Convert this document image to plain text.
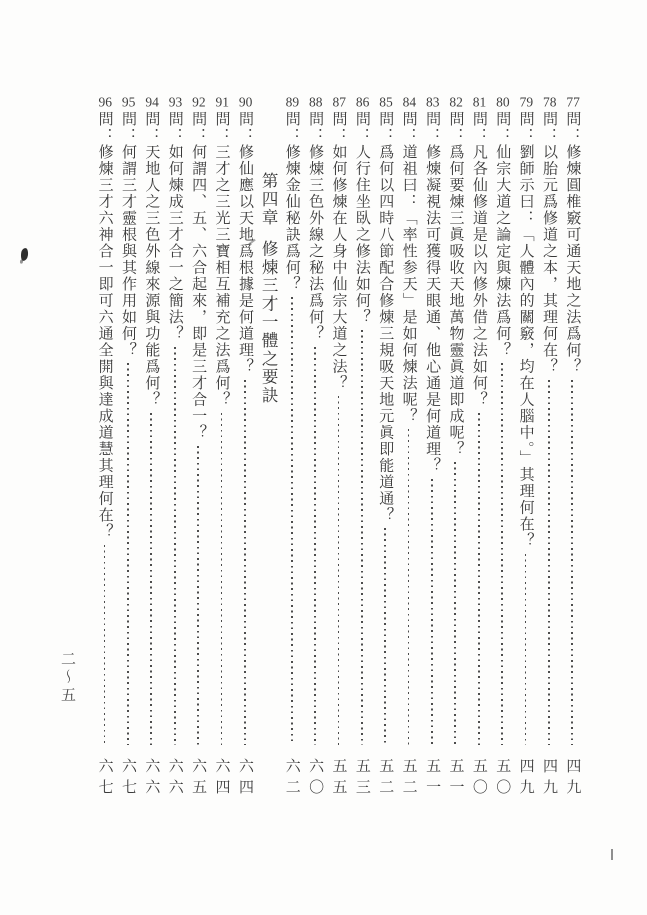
77
問：
修煉圓椎竅可通天地之法爲何？
四九
78
問：
以胎元爲修道之本，其理何在？
四九
79
問：
劉師示曰：「人體內的關竅，均在人腦中。」其理何在？
四九
80
問：
仙宗大道之論定與煉法爲何？
五〇
81
問：
凡各仙修道是以內修外借之法如何？
五〇
82
問：
爲何要煉三眞吸收天地萬物靈眞道即成呢？
五一
83
問：
修煉凝視法可獲得天眼通、他心通是何道理？
五一
84
問：
道祖曰：「率性参天」是如何煉法呢？
五二
85
問：
爲何以四時八節配合修煉三規吸天地元眞即能道通？
五二
86
問：
人行住坐臥之修法如何？
五三
87
問：
如何修煉在人身中仙宗大道之法？
五五
88
問：
修煉三色外線之秘法爲何？
六〇
89
問：
修煉金仙秘訣爲何？
六二
第四章
修煉三才一體之要訣
90
問：
修仙應以天地爲根據是何道理？
六四
91
問：
三才之三光三寶相互補充之法爲何？
六四
92
問：
何謂四、五、六合起來，即是三才合一？
六五
93
問：
如何煉成三才合一之簡法？
六六
94
問：
天地人之三色外線來源與功能爲何？
六六
95
問：
何謂三才靈根與其作用如何？
六七
96
問：
修煉三才六神合一即可六通全開與達成道慧其理何在？
六七
二〜五
